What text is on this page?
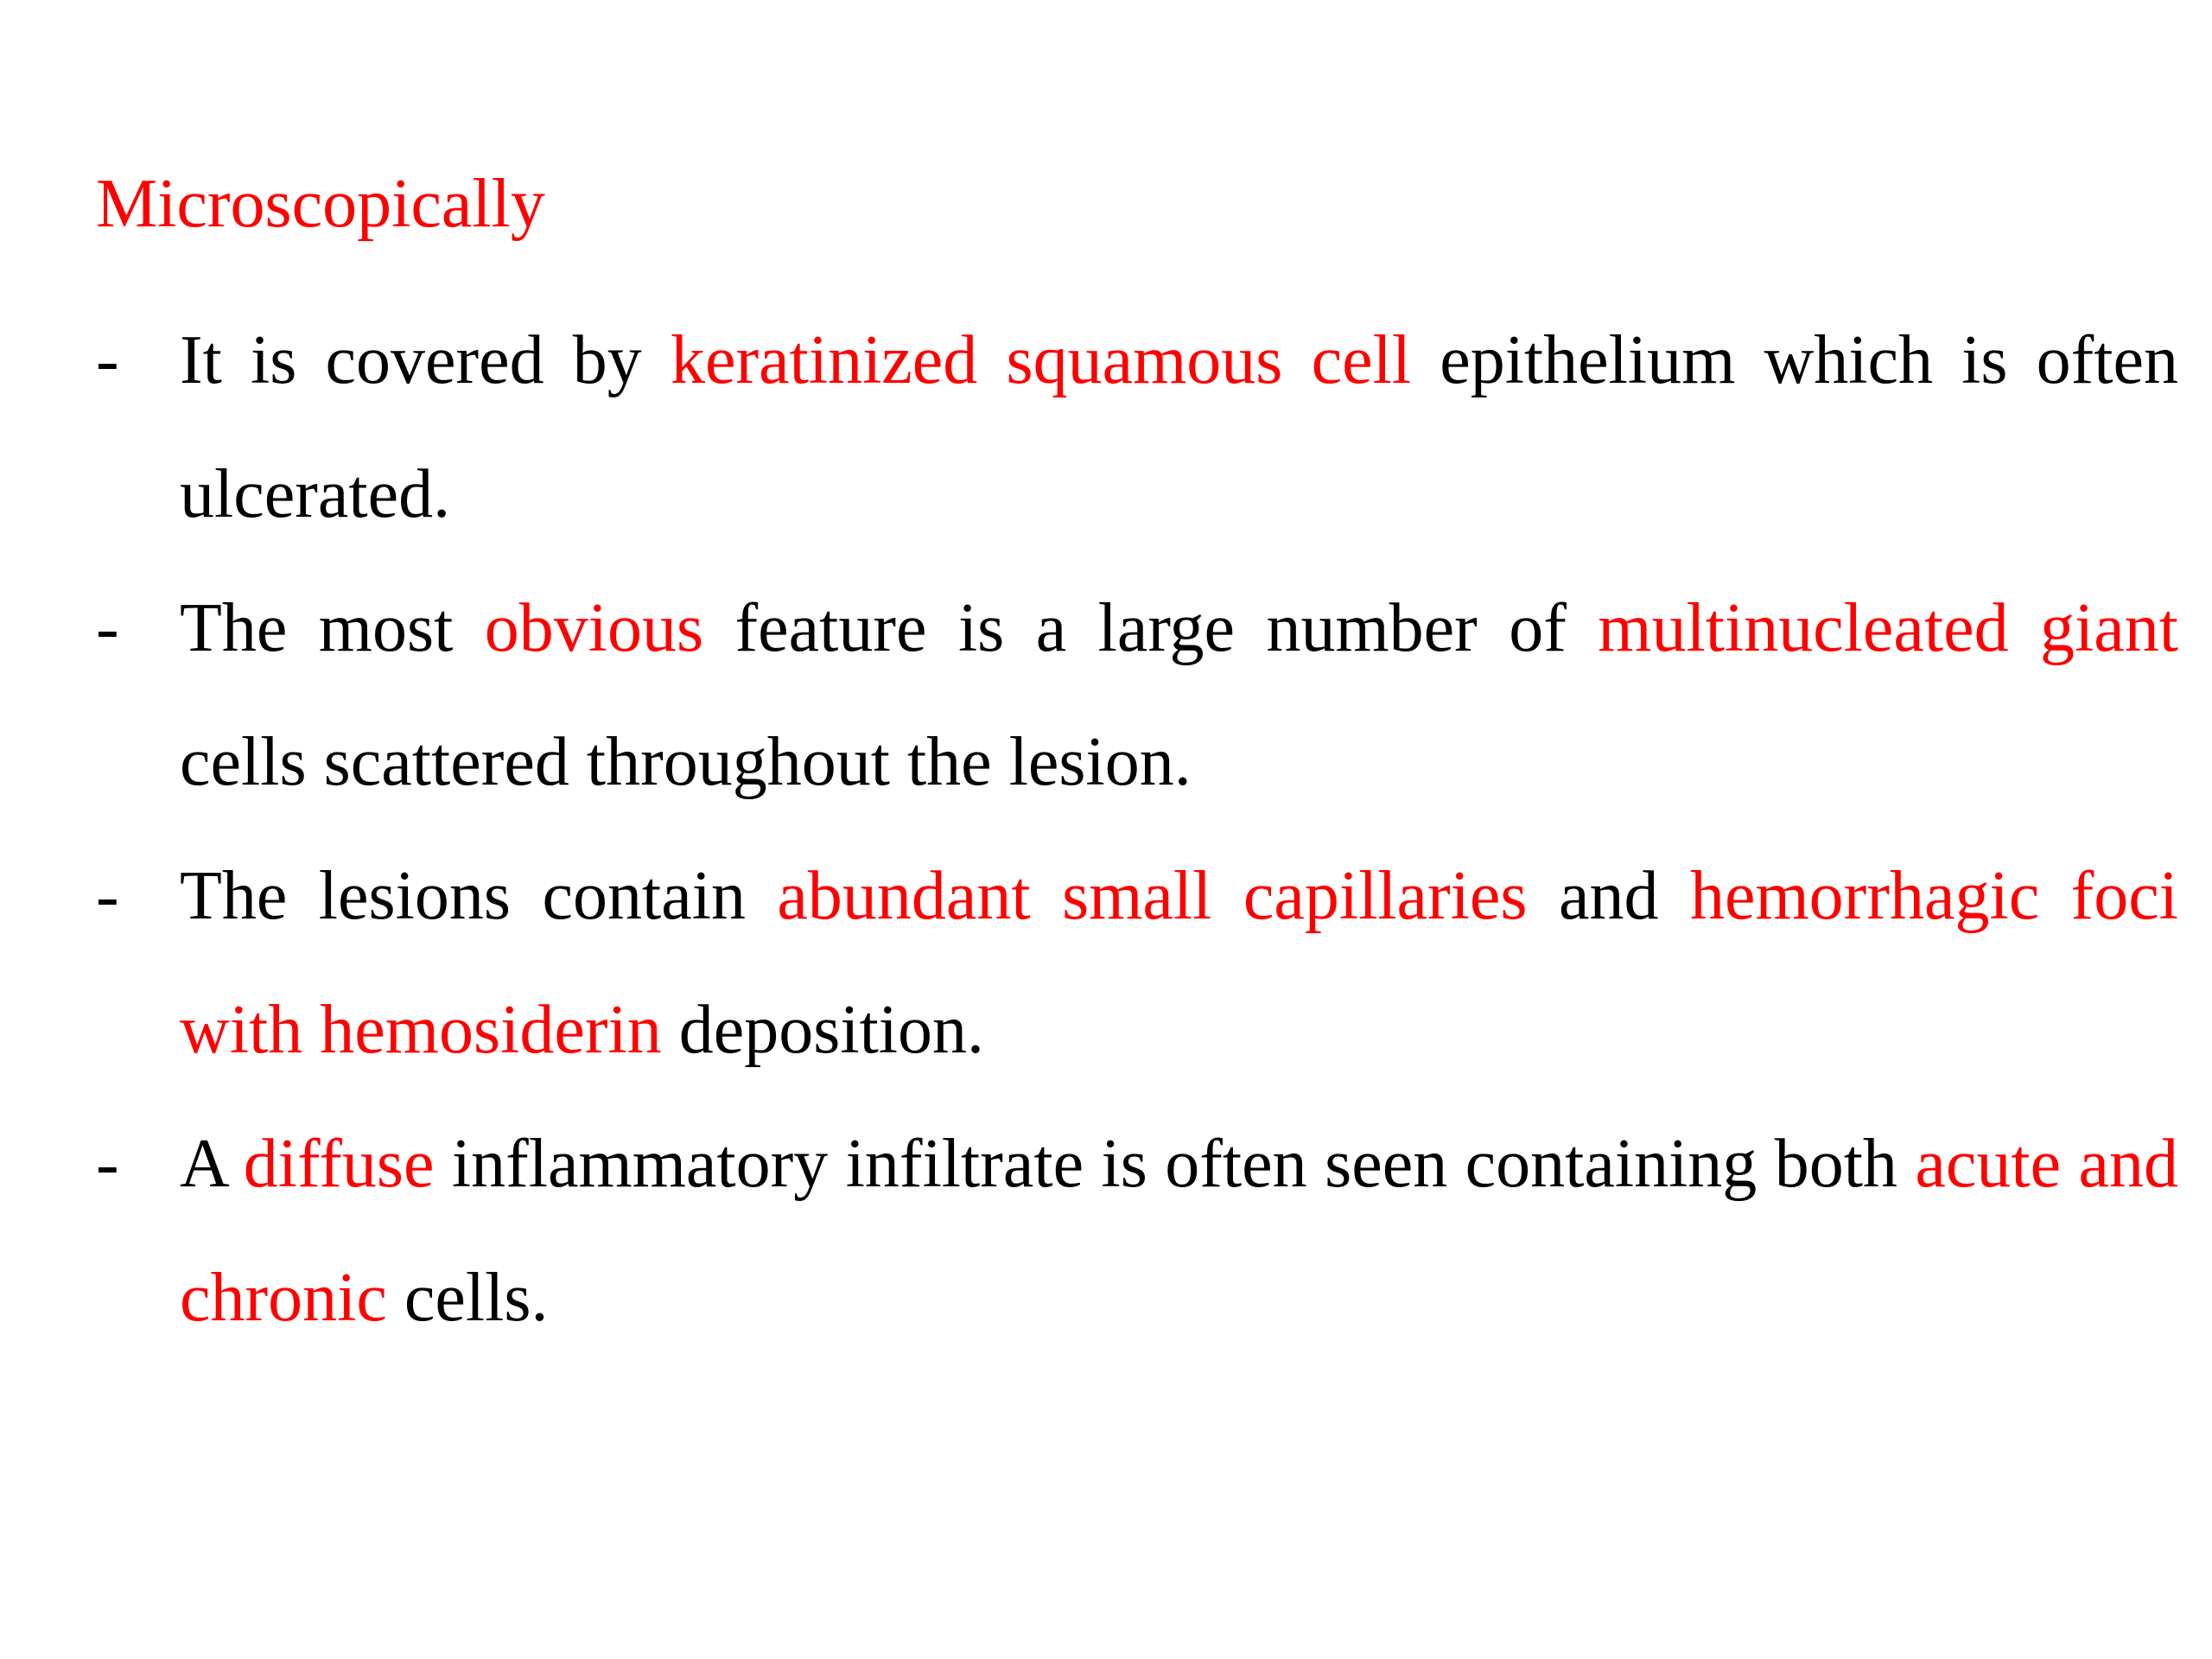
Microscopically
- It is covered by keratinized squamous cell epithelium which is often ulcerated.
- The most obvious feature is a large number of multinucleated giant cells scattered throughout the lesion.
- The lesions contain abundant small capillaries and hemorrhagic foci with hemosiderin deposition.
- A diffuse inflammatory infiltrate is often seen containing both acute and chronic cells.
